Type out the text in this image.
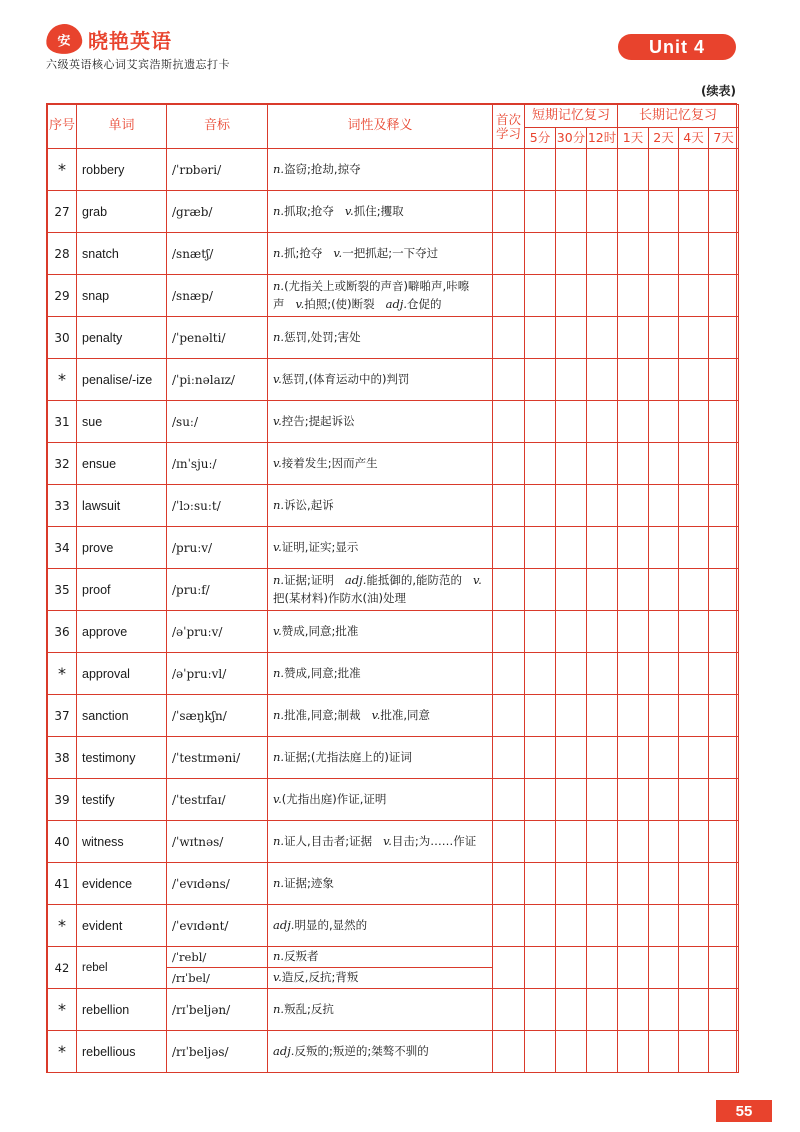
安 晓艳英语
六级英语核心词艾宾浩斯抗遗忘打卡
Unit 4
(续表)
序号	单词	音标	词性及释义	首次学习	短期记忆复习			长期记忆复习			
					5分	30分	12时	1天	2天	4天	7天
*	robbery	/ˈrɒbəri/	n.盗窃;抢劫,掠夺								
27	grab	/græb/	n.抓取;抢夺 v.抓住;攫取								
28	snatch	/snætʃ/	n.抓;抢夺 v.一把抓起;一下夺过								
29	snap	/snæp/	n.(尤指关上或断裂的声音)噼啪声,咔嚓声 v.拍照;(使)断裂 adj.仓促的								
30	penalty	/ˈpenəlti/	n.惩罚,处罚;害处								
*	penalise/-ize	/ˈpiːnəlaɪz/	v.惩罚,(体育运动中的)判罚								
31	sue	/suː/	v.控告;提起诉讼								
32	ensue	/ɪnˈsjuː/	v.接着发生;因而产生								
33	lawsuit	/ˈlɔːsuːt/	n.诉讼,起诉								
34	prove	/pruːv/	v.证明,证实;显示								
35	proof	/pruːf/	n.证据;证明 adj.能抵御的,能防范的 v.把(某材料)作防水(油)处理								
36	approve	/əˈpruːv/	v.赞成,同意;批准								
*	approval	/əˈpruːvl/	n.赞成,同意;批准								
37	sanction	/ˈsæŋkʃn/	n.批准,同意;制裁 v.批准,同意								
38	testimony	/ˈtestɪməni/	n.证据;(尤指法庭上的)证词								
39	testify	/ˈtestɪfaɪ/	v.(尤指出庭)作证,证明								
40	witness	/ˈwɪtnəs/	n.证人,目击者;证据 v.目击;为……作证								
41	evidence	/ˈevɪdəns/	n.证据;迹象								
*	evident	/ˈevɪdənt/	adj.明显的,显然的								
42	rebel	/ˈrebl/	n.反叛者								
		/rɪˈbel/	v.造反,反抗;背叛								
*	rebellion	/rɪˈbeljən/	n.叛乱;反抗								
*	rebellious	/rɪˈbeljəs/	adj.反叛的;叛逆的;桀骜不驯的								
55
